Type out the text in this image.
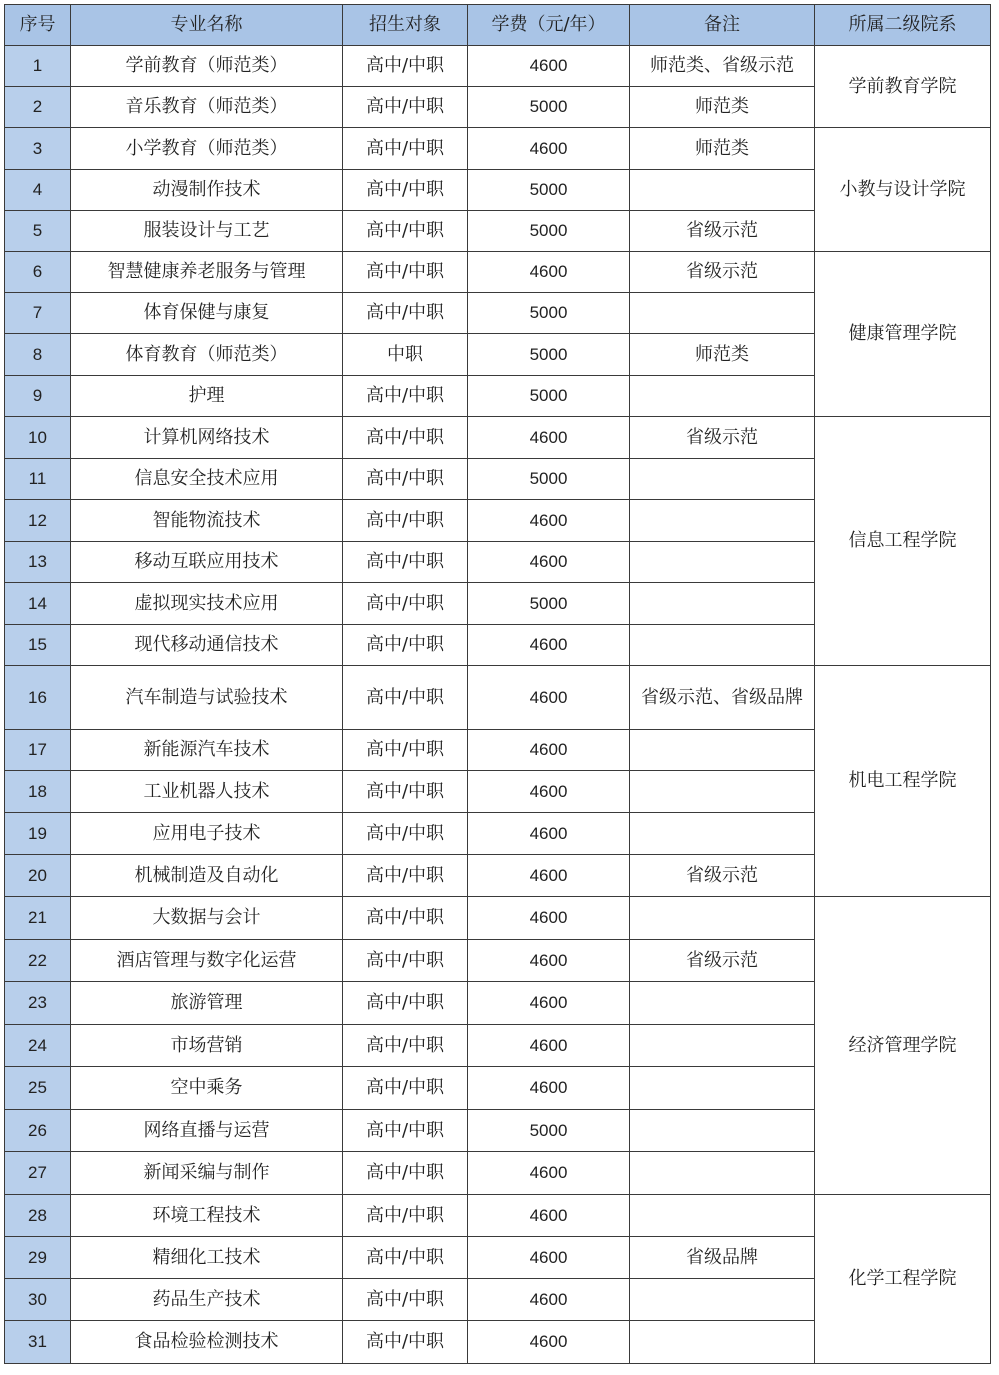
序号	专业名称	招生对象	学费（元/年）	备注	所属二级院系
1	学前教育（师范类）	高中/中职	4600	师范类、省级示范	学前教育学院
2	音乐教育（师范类）	高中/中职	5000	师范类	
3	小学教育（师范类）	高中/中职	4600	师范类	小教与设计学院
4	动漫制作技术	高中/中职	5000		
5	服装设计与工艺	高中/中职	5000	省级示范	
6	智慧健康养老服务与管理	高中/中职	4600	省级示范	健康管理学院
7	体育保健与康复	高中/中职	5000		
8	体育教育（师范类）	中职	5000	师范类	
9	护理	高中/中职	5000		
10	计算机网络技术	高中/中职	4600	省级示范	信息工程学院
11	信息安全技术应用	高中/中职	5000		
12	智能物流技术	高中/中职	4600		
13	移动互联应用技术	高中/中职	4600		
14	虚拟现实技术应用	高中/中职	5000		
15	现代移动通信技术	高中/中职	4600		
16	汽车制造与试验技术	高中/中职	4600	省级示范、省级品牌	机电工程学院
17	新能源汽车技术	高中/中职	4600		
18	工业机器人技术	高中/中职	4600		
19	应用电子技术	高中/中职	4600		
20	机械制造及自动化	高中/中职	4600	省级示范	
21	大数据与会计	高中/中职	4600		经济管理学院
22	酒店管理与数字化运营	高中/中职	4600	省级示范	
23	旅游管理	高中/中职	4600		
24	市场营销	高中/中职	4600		
25	空中乘务	高中/中职	4600		
26	网络直播与运营	高中/中职	5000		
27	新闻采编与制作	高中/中职	4600		
28	环境工程技术	高中/中职	4600		化学工程学院
29	精细化工技术	高中/中职	4600	省级品牌	
30	药品生产技术	高中/中职	4600		
31	食品检验检测技术	高中/中职	4600		
